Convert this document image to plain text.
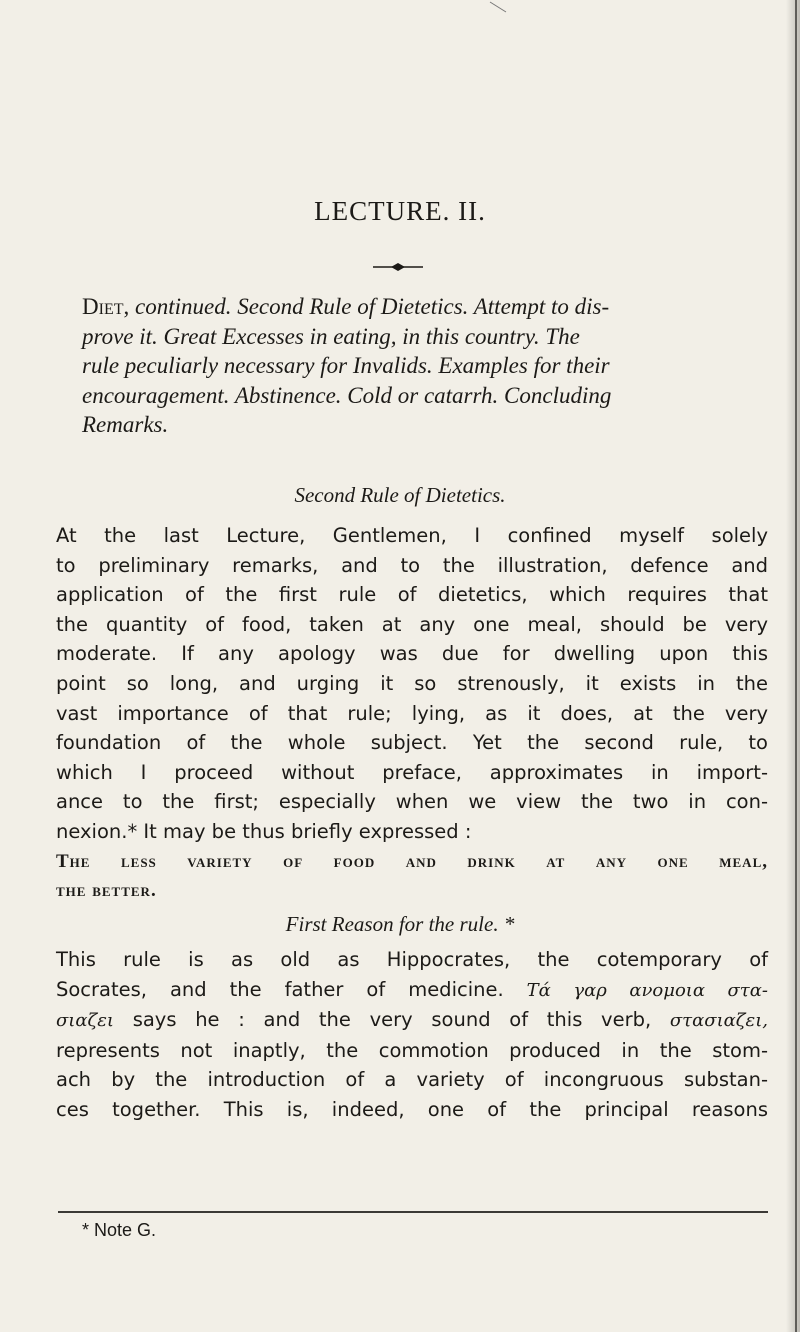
LECTURE. II.
Diet, continued. Second Rule of Dietetics. Attempt to dis-
prove it. Great Excesses in eating, in this country. The
rule peculiarly necessary for Invalids. Examples for their
encouragement. Abstinence. Cold or catarrh. Concluding
Remarks.
Second Rule of Dietetics.
At the last Lecture, Gentlemen, I confined myself solely
to preliminary remarks, and to the illustration, defence and
application of the first rule of dietetics, which requires that
the quantity of food, taken at any one meal, should be very
moderate. If any apology was due for dwelling upon this
point so long, and urging it so strenously, it exists in the
vast importance of that rule; lying, as it does, at the very
foundation of the whole subject. Yet the second rule, to
which I proceed without preface, approximates in import-
ance to the first; especially when we view the two in con-
nexion.* It may be thus briefly expressed :
The less variety of food and drink at any one meal,
the better.
First Reason for the rule. *
This rule is as old as Hippocrates, the cotemporary of
Socrates, and the father of medicine. Τά γαρ ανομοια στα-
σιαζει says he : and the very sound of this verb, στασιαζει,
represents not inaptly, the commotion produced in the stom-
ach by the introduction of a variety of incongruous substan-
ces together. This is, indeed, one of the principal reasons
* Note G.
